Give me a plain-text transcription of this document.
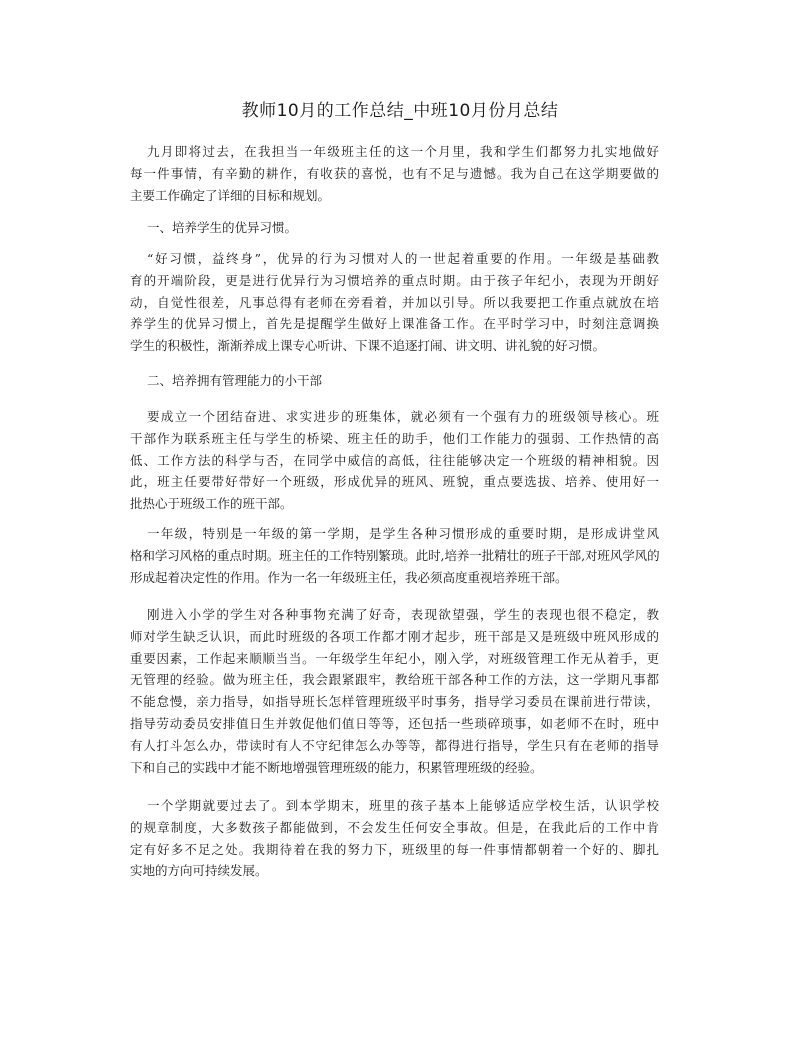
教师10月的工作总结_中班10月份月总结
九月即将过去，在我担当一年级班主任的这一个月里，我和学生们都努力扎实地做好
每一件事情，有辛勤的耕作，有收获的喜悦，也有不足与遗憾。我为自己在这学期要做的
主要工作确定了详细的目标和规划。
一、培养学生的优异习惯。
“好习惯，益终身”，优异的行为习惯对人的一世起着重要的作用。一年级是基础教
育的开端阶段，更是进行优异行为习惯培养的重点时期。由于孩子年纪小，表现为开朗好
动，自觉性很差，凡事总得有老师在旁看着，并加以引导。所以我要把工作重点就放在培
养学生的优异习惯上，首先是提醒学生做好上课准备工作。在平时学习中，时刻注意调换
学生的积极性，渐渐养成上课专心听讲、下课不追逐打闹、讲文明、讲礼貌的好习惯。
二、培养拥有管理能力的小干部
要成立一个团结奋进、求实进步的班集体，就必须有一个强有力的班级领导核心。班
干部作为联系班主任与学生的桥梁、班主任的助手，他们工作能力的强弱、工作热情的高
低、工作方法的科学与否，在同学中威信的高低，往往能够决定一个班级的精神相貌。因
此，班主任要带好带好一个班级，形成优异的班风、班貌，重点要选拔、培养、使用好一
批热心于班级工作的班干部。
一年级，特别是一年级的第一学期，是学生各种习惯形成的重要时期，是形成讲堂风
格和学习风格的重点时期。班主任的工作特别繁琐。此时,培养一批精壮的班子干部,对班风学风的
形成起着决定性的作用。作为一名一年级班主任，我必须高度重视培养班干部。
刚进入小学的学生对各种事物充满了好奇，表现欲望强，学生的表现也很不稳定，教
师对学生缺乏认识，而此时班级的各项工作都才刚才起步，班干部是又是班级中班风形成的
重要因素，工作起来顺顺当当。一年级学生年纪小，刚入学，对班级管理工作无从着手，更
无管理的经验。做为班主任，我会跟紧跟牢，教给班干部各种工作的方法，这一学期凡事都
不能怠慢，亲力指导，如指导班长怎样管理班级平时事务，指导学习委员在课前进行带读，
指导劳动委员安排值日生并敦促他们值日等等，还包括一些琐碎琐事，如老师不在时，班中
有人打斗怎么办，带读时有人不守纪律怎么办等等，都得进行指导，学生只有在老师的指导
下和自己的实践中才能不断地增强管理班级的能力，积累管理班级的经验。
一个学期就要过去了。到本学期末，班里的孩子基本上能够适应学校生活，认识学校
的规章制度，大多数孩子都能做到，不会发生任何安全事故。但是，在我此后的工作中肯
定有好多不足之处。我期待着在我的努力下，班级里的每一件事情都朝着一个好的、脚扎
实地的方向可持续发展。
